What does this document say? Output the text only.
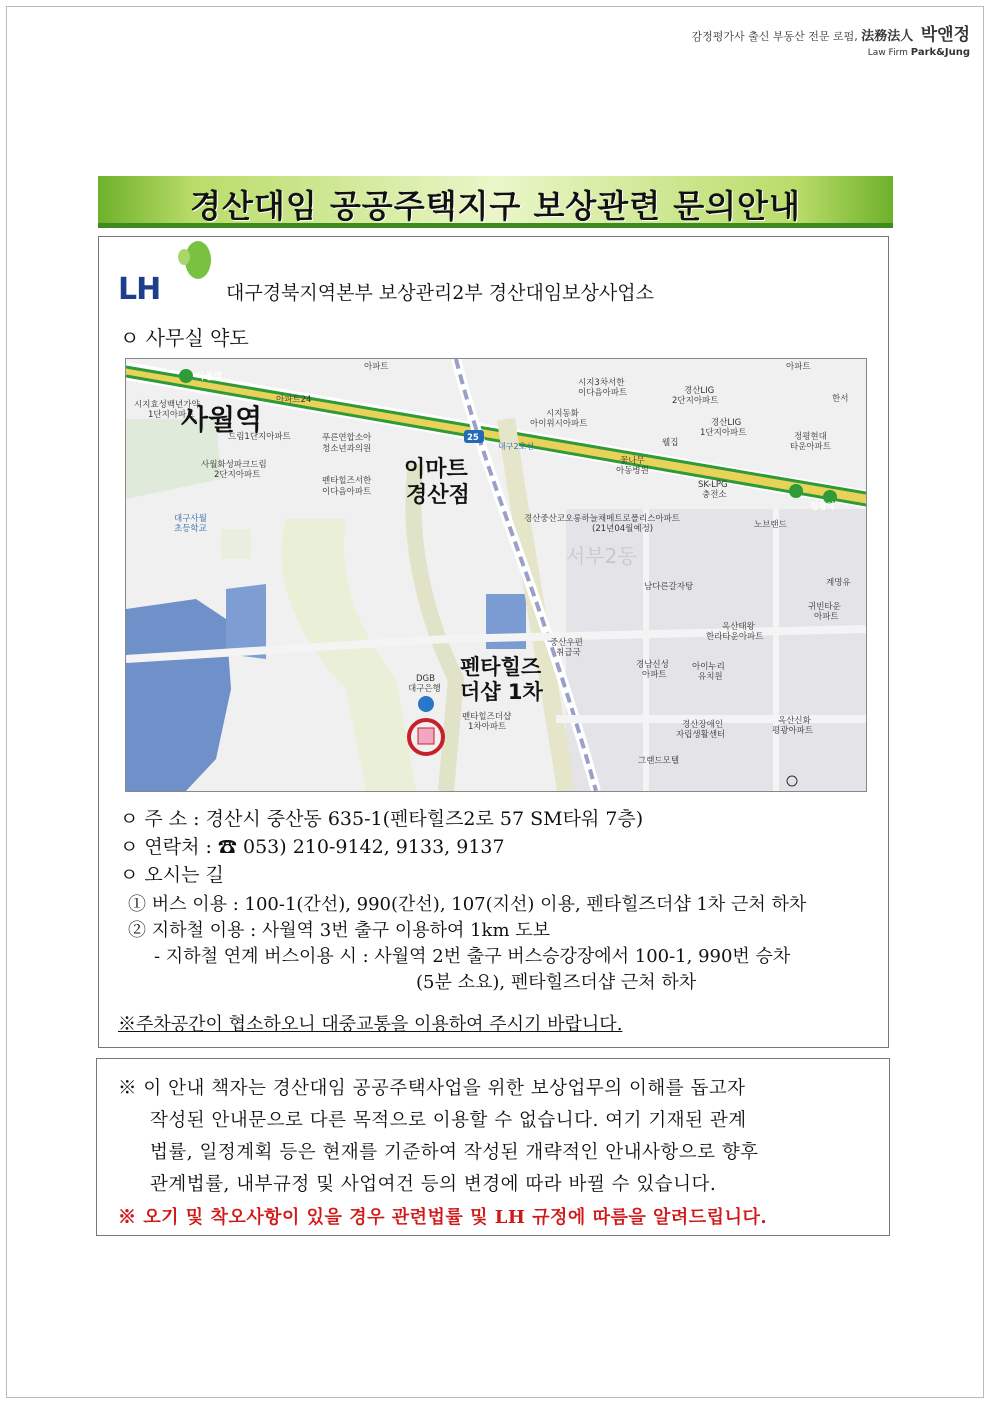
감정평가사 출신 부동산 전문 로펌, 法務法人 박앤정
Law Firm Park&Jung
경산대임 공공주택지구 보상관련 문의안내
LH	대구경북지역본부 보상관리2부 경산대임보상사업소
ㅇ 사무실 약도
아파트	아파트
아파트24
사월역
시지효성백년가약
1단지아파트
드림1단지아파트	푸른연합소아
청소년과의원
사월화성파크드림
2단지아파트
펜타힐즈서한
이다음아파트
대구사월
초등학교
시지3차서한
이다음아파트
시지동화
아이위시아파트
경산LIG
2단지아파트
경산LIG
1단지아파트
한서
정평현대
타운아파트
웰집
꽃나무
아동병원
SK-LPG
충전소
정평역
노브랜드
계명유
귀빈타운
아파트
경산중산코오롱하늘채메트로폴리스아파트
(21년04월예정)
남다른갈자탕
중산우편
취급국
옥산태왕
한라타운아파트
경남신성
아파트
아이누리
유치원
DGB
대구은행
펜타힐즈더샵
1차아파트	경산장애인
자립생활센터
옥산신화
평광아파트
그랜드모텔
25
대구2호선
사월역
이마트
경산점
펜타힐즈
더샵 1차
서부2동
ㅇ 주 소 : 경산시 중산동 635-1(펜타힐즈2로 57 SM타워 7층)
ㅇ 연락처 : ☎ 053) 210-9142, 9133, 9137
ㅇ 오시는 길
① 버스 이용 : 100-1(간선), 990(간선), 107(지선) 이용, 펜타힐즈더샵 1차 근처 하차
② 지하철 이용 : 사월역 3번 출구 이용하여 1km 도보
- 지하철 연계 버스이용 시 : 사월역 2번 출구 버스승강장에서 100-1, 990번 승차
(5분 소요), 펜타힐즈더샵 근처 하차
※주차공간이 협소하오니 대중교통을 이용하여 주시기 바랍니다.
※ 이 안내 책자는 경산대임 공공주택사업을 위한 보상업무의 이해를 돕고자
작성된 안내문으로 다른 목적으로 이용할 수 없습니다. 여기 기재된 관계
법률, 일정계획 등은 현재를 기준하여 작성된 개략적인 안내사항으로 향후
관계법률, 내부규정 및 사업여건 등의 변경에 따라 바뀔 수 있습니다.
※ 오기 및 착오사항이 있을 경우 관련법률 및 LH 규정에 따름을 알려드립니다.
